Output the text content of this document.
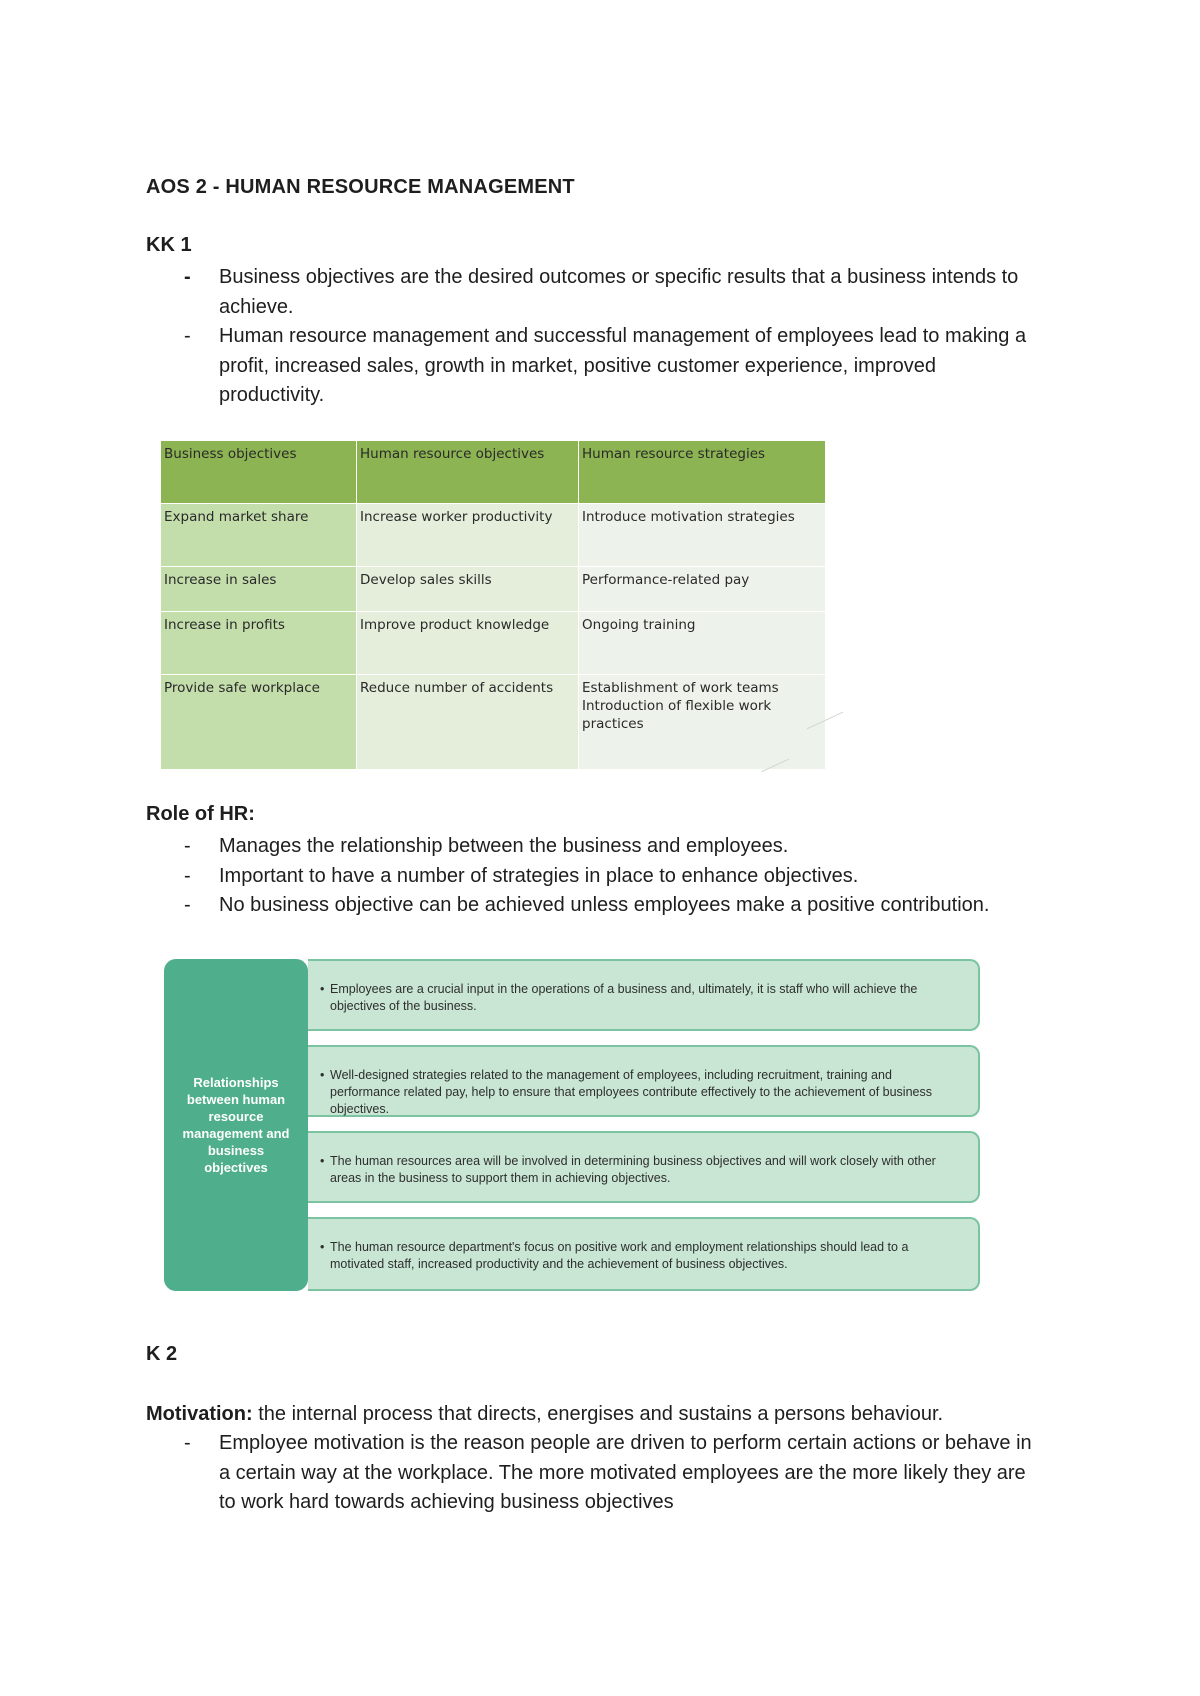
AOS 2 - HUMAN RESOURCE MANAGEMENT
KK 1
- Business objectives are the desired outcomes or specific results that a business intends to achieve.
- Human resource management and successful management of employees lead to making a profit, increased sales, growth in market, positive customer experience, improved productivity.
Business objectives	Human resource objectives	Human resource strategies
Expand market share	Increase worker productivity	Introduce motivation strategies
Increase in sales	Develop sales skills	Performance-related pay
Increase in profits	Improve product knowledge	Ongoing training
Provide safe workplace	Reduce number of accidents	Establishment of work teams
Introduction of flexible work practices
Role of HR:
- Manages the relationship between the business and employees.
- Important to have a number of strategies in place to enhance objectives.
- No business objective can be achieved unless employees make a positive contribution.
Relationships between human resource management and business objectives
• Employees are a crucial input in the operations of a business and, ultimately, it is staff who will achieve the objectives of the business.
• Well-designed strategies related to the management of employees, including recruitment, training and performance related pay, help to ensure that employees contribute effectively to the achievement of business objectives.
• The human resources area will be involved in determining business objectives and will work closely with other areas in the business to support them in achieving objectives.
• The human resource department's focus on positive work and employment relationships should lead to a motivated staff, increased productivity and the achievement of business objectives.
K 2
Motivation: the internal process that directs, energises and sustains a persons behaviour.
- Employee motivation is the reason people are driven to perform certain actions or behave in a certain way at the workplace. The more motivated employees are the more likely they are to work hard towards achieving business objectives
